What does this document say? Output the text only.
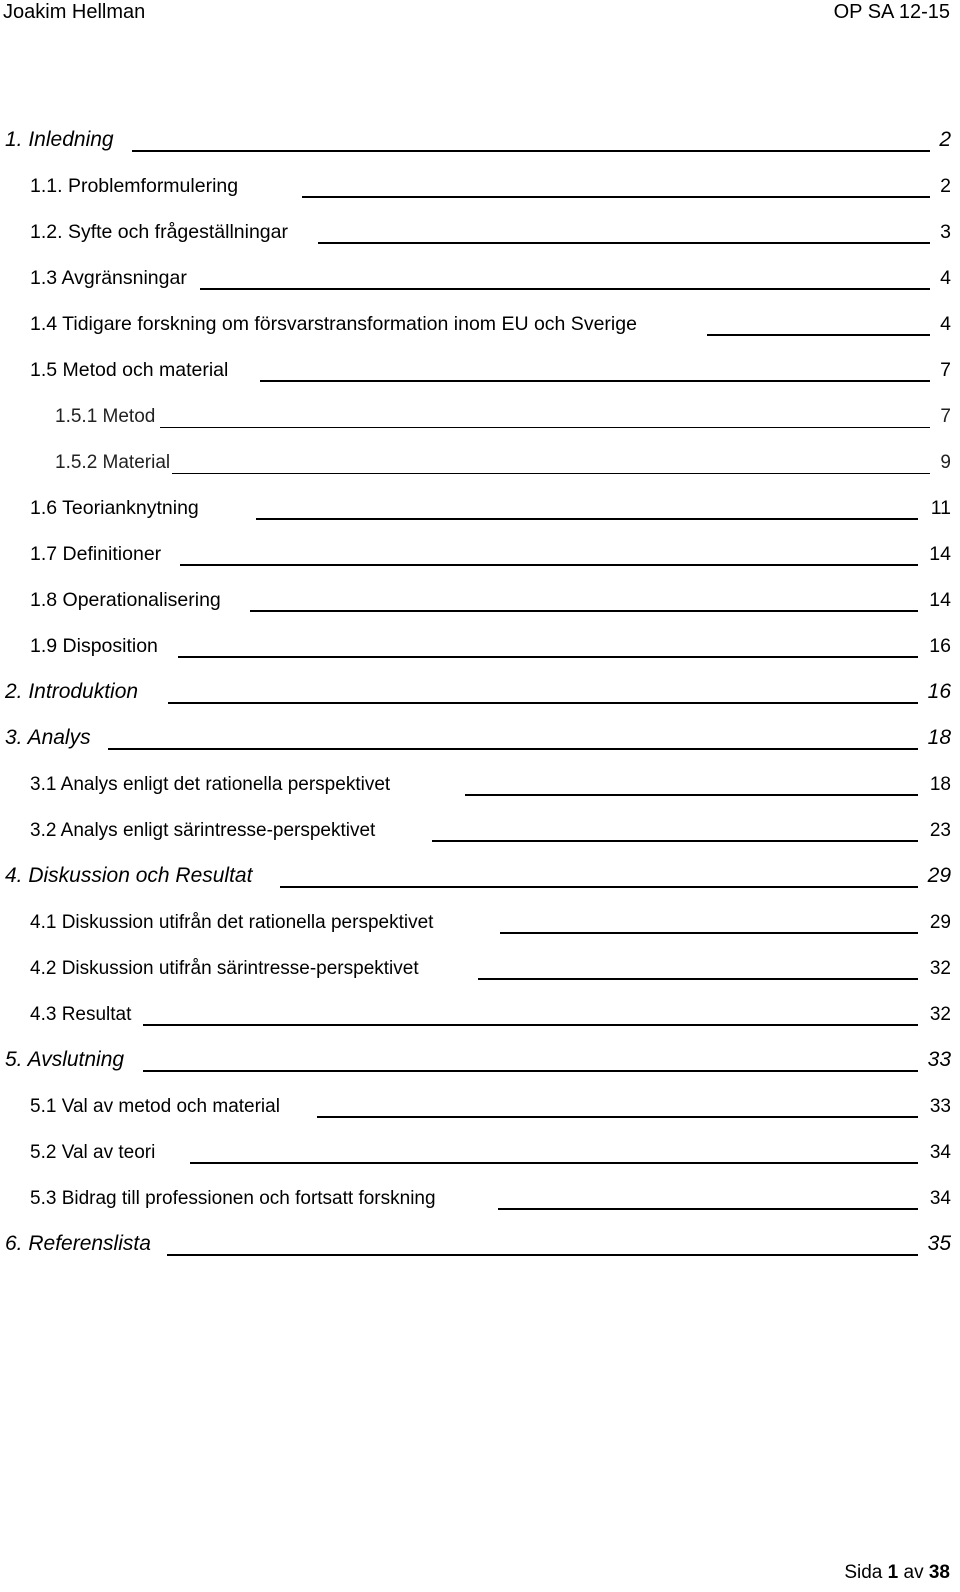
Joakim Hellman	OP SA 12-15
1. Inledning	2
1.1. Problemformulering	2
1.2. Syfte och frågeställningar	3
1.3 Avgränsningar	4
1.4 Tidigare forskning om försvarstransformation inom EU och Sverige	4
1.5 Metod och material	7
1.5.1 Metod	7
1.5.2 Material	9
1.6 Teorianknytning	11
1.7 Definitioner	14
1.8 Operationalisering	14
1.9 Disposition	16
2. Introduktion	16
3. Analys	18
3.1 Analys enligt det rationella perspektivet	18
3.2 Analys enligt särintresse-perspektivet	23
4. Diskussion och Resultat	29
4.1 Diskussion utifrån det rationella perspektivet	29
4.2 Diskussion utifrån särintresse-perspektivet	32
4.3 Resultat	32
5. Avslutning	33
5.1 Val av metod och material	33
5.2 Val av teori	34
5.3 Bidrag till professionen och fortsatt forskning	34
6. Referenslista	35
Sida 1 av 38
